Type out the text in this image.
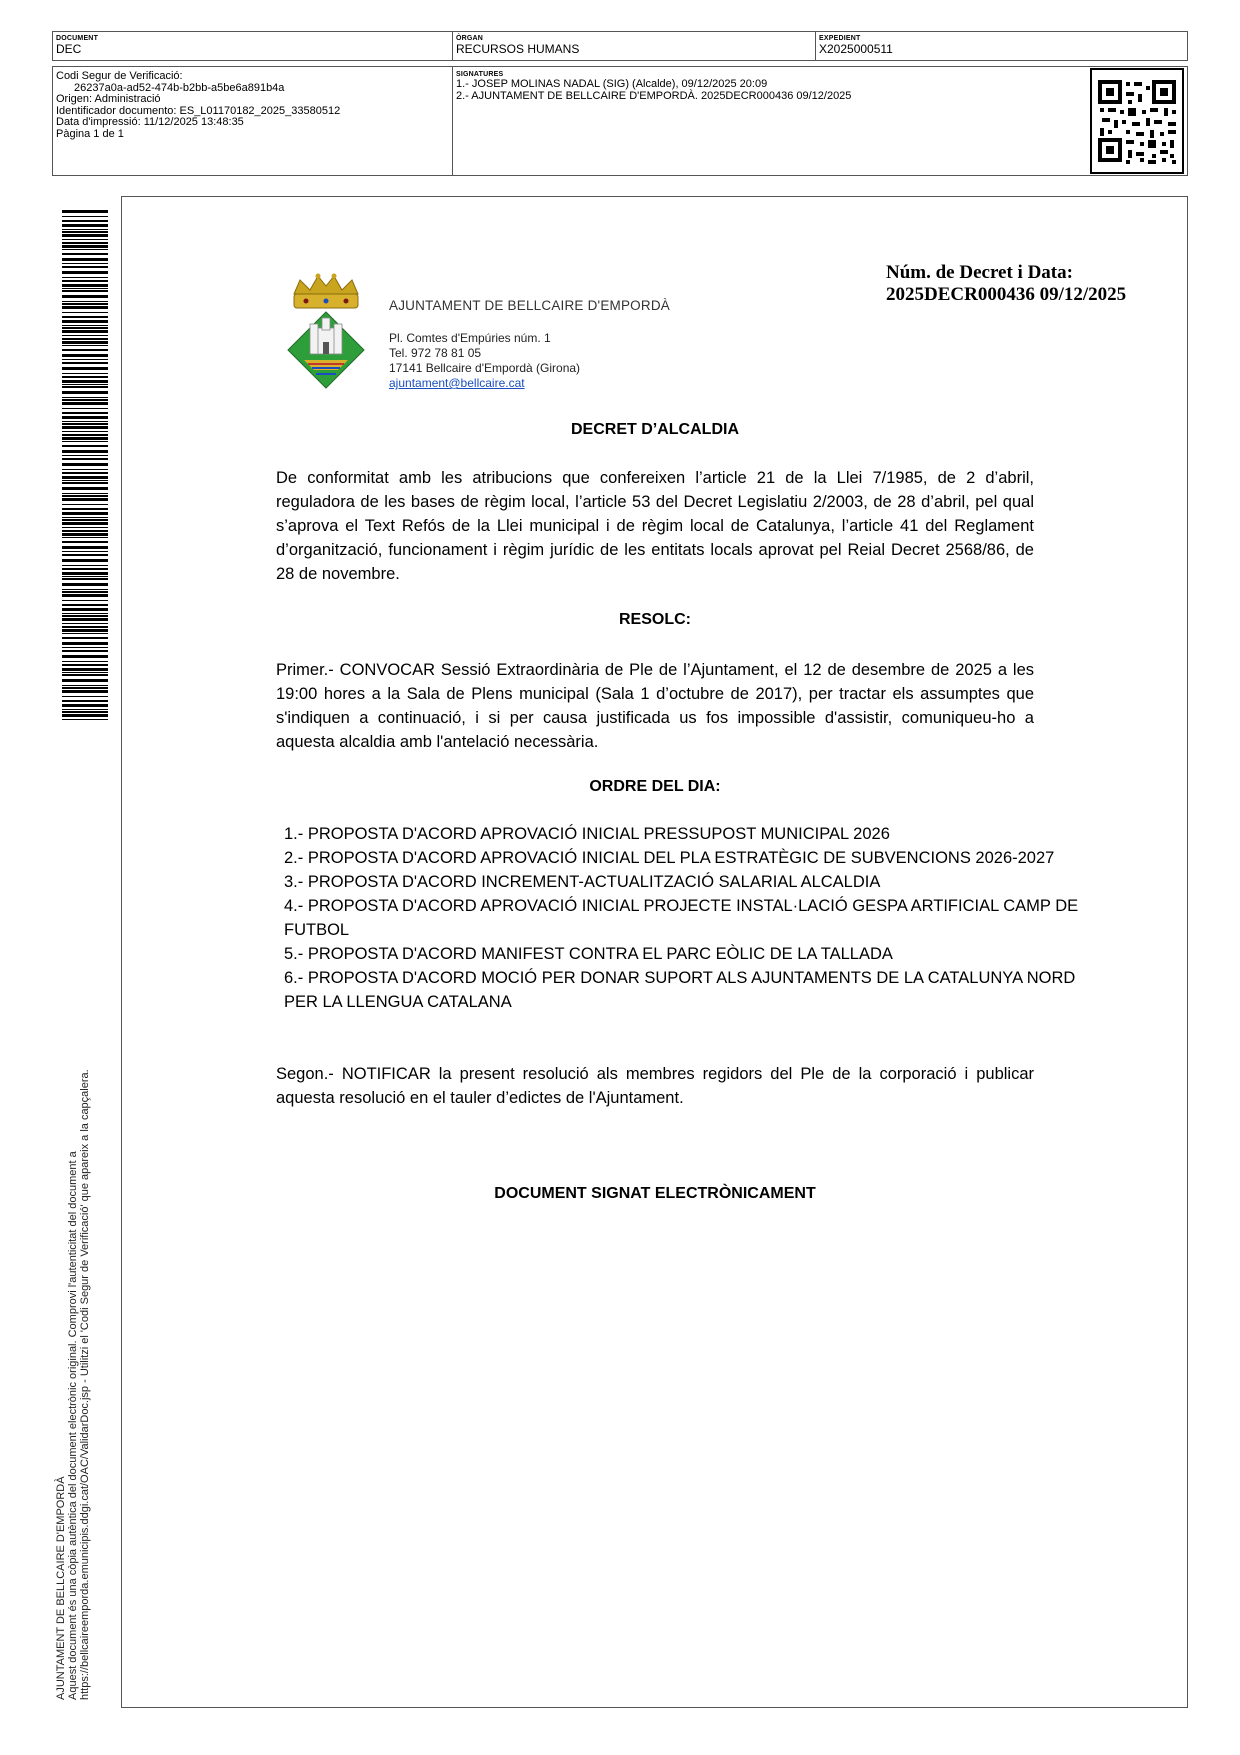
DOCUMENT
DEC
ÒRGAN
RECURSOS HUMANS
EXPEDIENT
X2025000511
Codi Segur de Verificació:
26237a0a-ad52-474b-b2bb-a5be6a891b4a
Origen: Administració
Identificador documento: ES_L01170182_2025_33580512
Data d'impressió: 11/12/2025 13:48:35
Pàgina 1 de 1
SIGNATURES
1.- JOSEP MOLINAS NADAL (SIG) (Alcalde), 09/12/2025 20:09
2.- AJUNTAMENT DE BELLCAIRE D'EMPORDÀ. 2025DECR000436 09/12/2025
AJUNTAMENT DE BELLCAIRE D'EMPORDÀ Aquest document és una còpia autèntica del document electrònic original. Comprovi l'autenticitat del document a https://bellcaireemporda.emunicipis.ddgi.cat/OAC/ValidarDoc.jsp - Utilitzi el 'Codi Segur de Verificació' que apareix a la capçalera.
AJUNTAMENT DE BELLCAIRE D'EMPORDÀ
Pl. Comtes d'Empúries núm. 1
Tel. 972 78 81 05
17141 Bellcaire d'Empordà (Girona)
ajuntament@bellcaire.cat
Núm. de Decret i Data:
2025DECR000436 09/12/2025
DECRET D’ALCALDIA
De conformitat amb les atribucions que confereixen l’article 21 de la Llei 7/1985, de 2 d’abril, reguladora de les bases de règim local, l’article 53 del Decret Legislatiu 2/2003, de 28 d’abril, pel qual s’aprova el Text Refós de la Llei municipal i de règim local de Catalunya, l’article 41 del Reglament d’organització, funcionament i règim jurídic de les entitats locals aprovat pel Reial Decret 2568/86, de 28 de novembre.
RESOLC:
Primer.- CONVOCAR Sessió Extraordinària de Ple de l’Ajuntament, el 12 de desembre de 2025 a les 19:00 hores a la Sala de Plens municipal (Sala 1 d’octubre de 2017), per tractar els assumptes que s'indiquen a continuació, i si per causa justificada us fos impossible d'assistir, comuniqueu-ho a aquesta alcaldia amb l'antelació necessària.
ORDRE DEL DIA:
1.- PROPOSTA D'ACORD APROVACIÓ INICIAL PRESSUPOST MUNICIPAL 2026
2.- PROPOSTA D'ACORD APROVACIÓ INICIAL DEL PLA ESTRATÈGIC DE SUBVENCIONS 2026-2027
3.- PROPOSTA D'ACORD INCREMENT-ACTUALITZACIÓ SALARIAL ALCALDIA
4.- PROPOSTA D'ACORD APROVACIÓ INICIAL PROJECTE INSTAL·LACIÓ GESPA ARTIFICIAL CAMP DE FUTBOL
5.- PROPOSTA D'ACORD MANIFEST CONTRA EL PARC EÒLIC DE LA TALLADA
6.- PROPOSTA D'ACORD MOCIÓ PER DONAR SUPORT ALS AJUNTAMENTS DE LA CATALUNYA NORD PER LA LLENGUA CATALANA
Segon.- NOTIFICAR la present resolució als membres regidors del Ple de la corporació i publicar aquesta resolució en el tauler d’edictes de l'Ajuntament.
DOCUMENT SIGNAT ELECTRÒNICAMENT
